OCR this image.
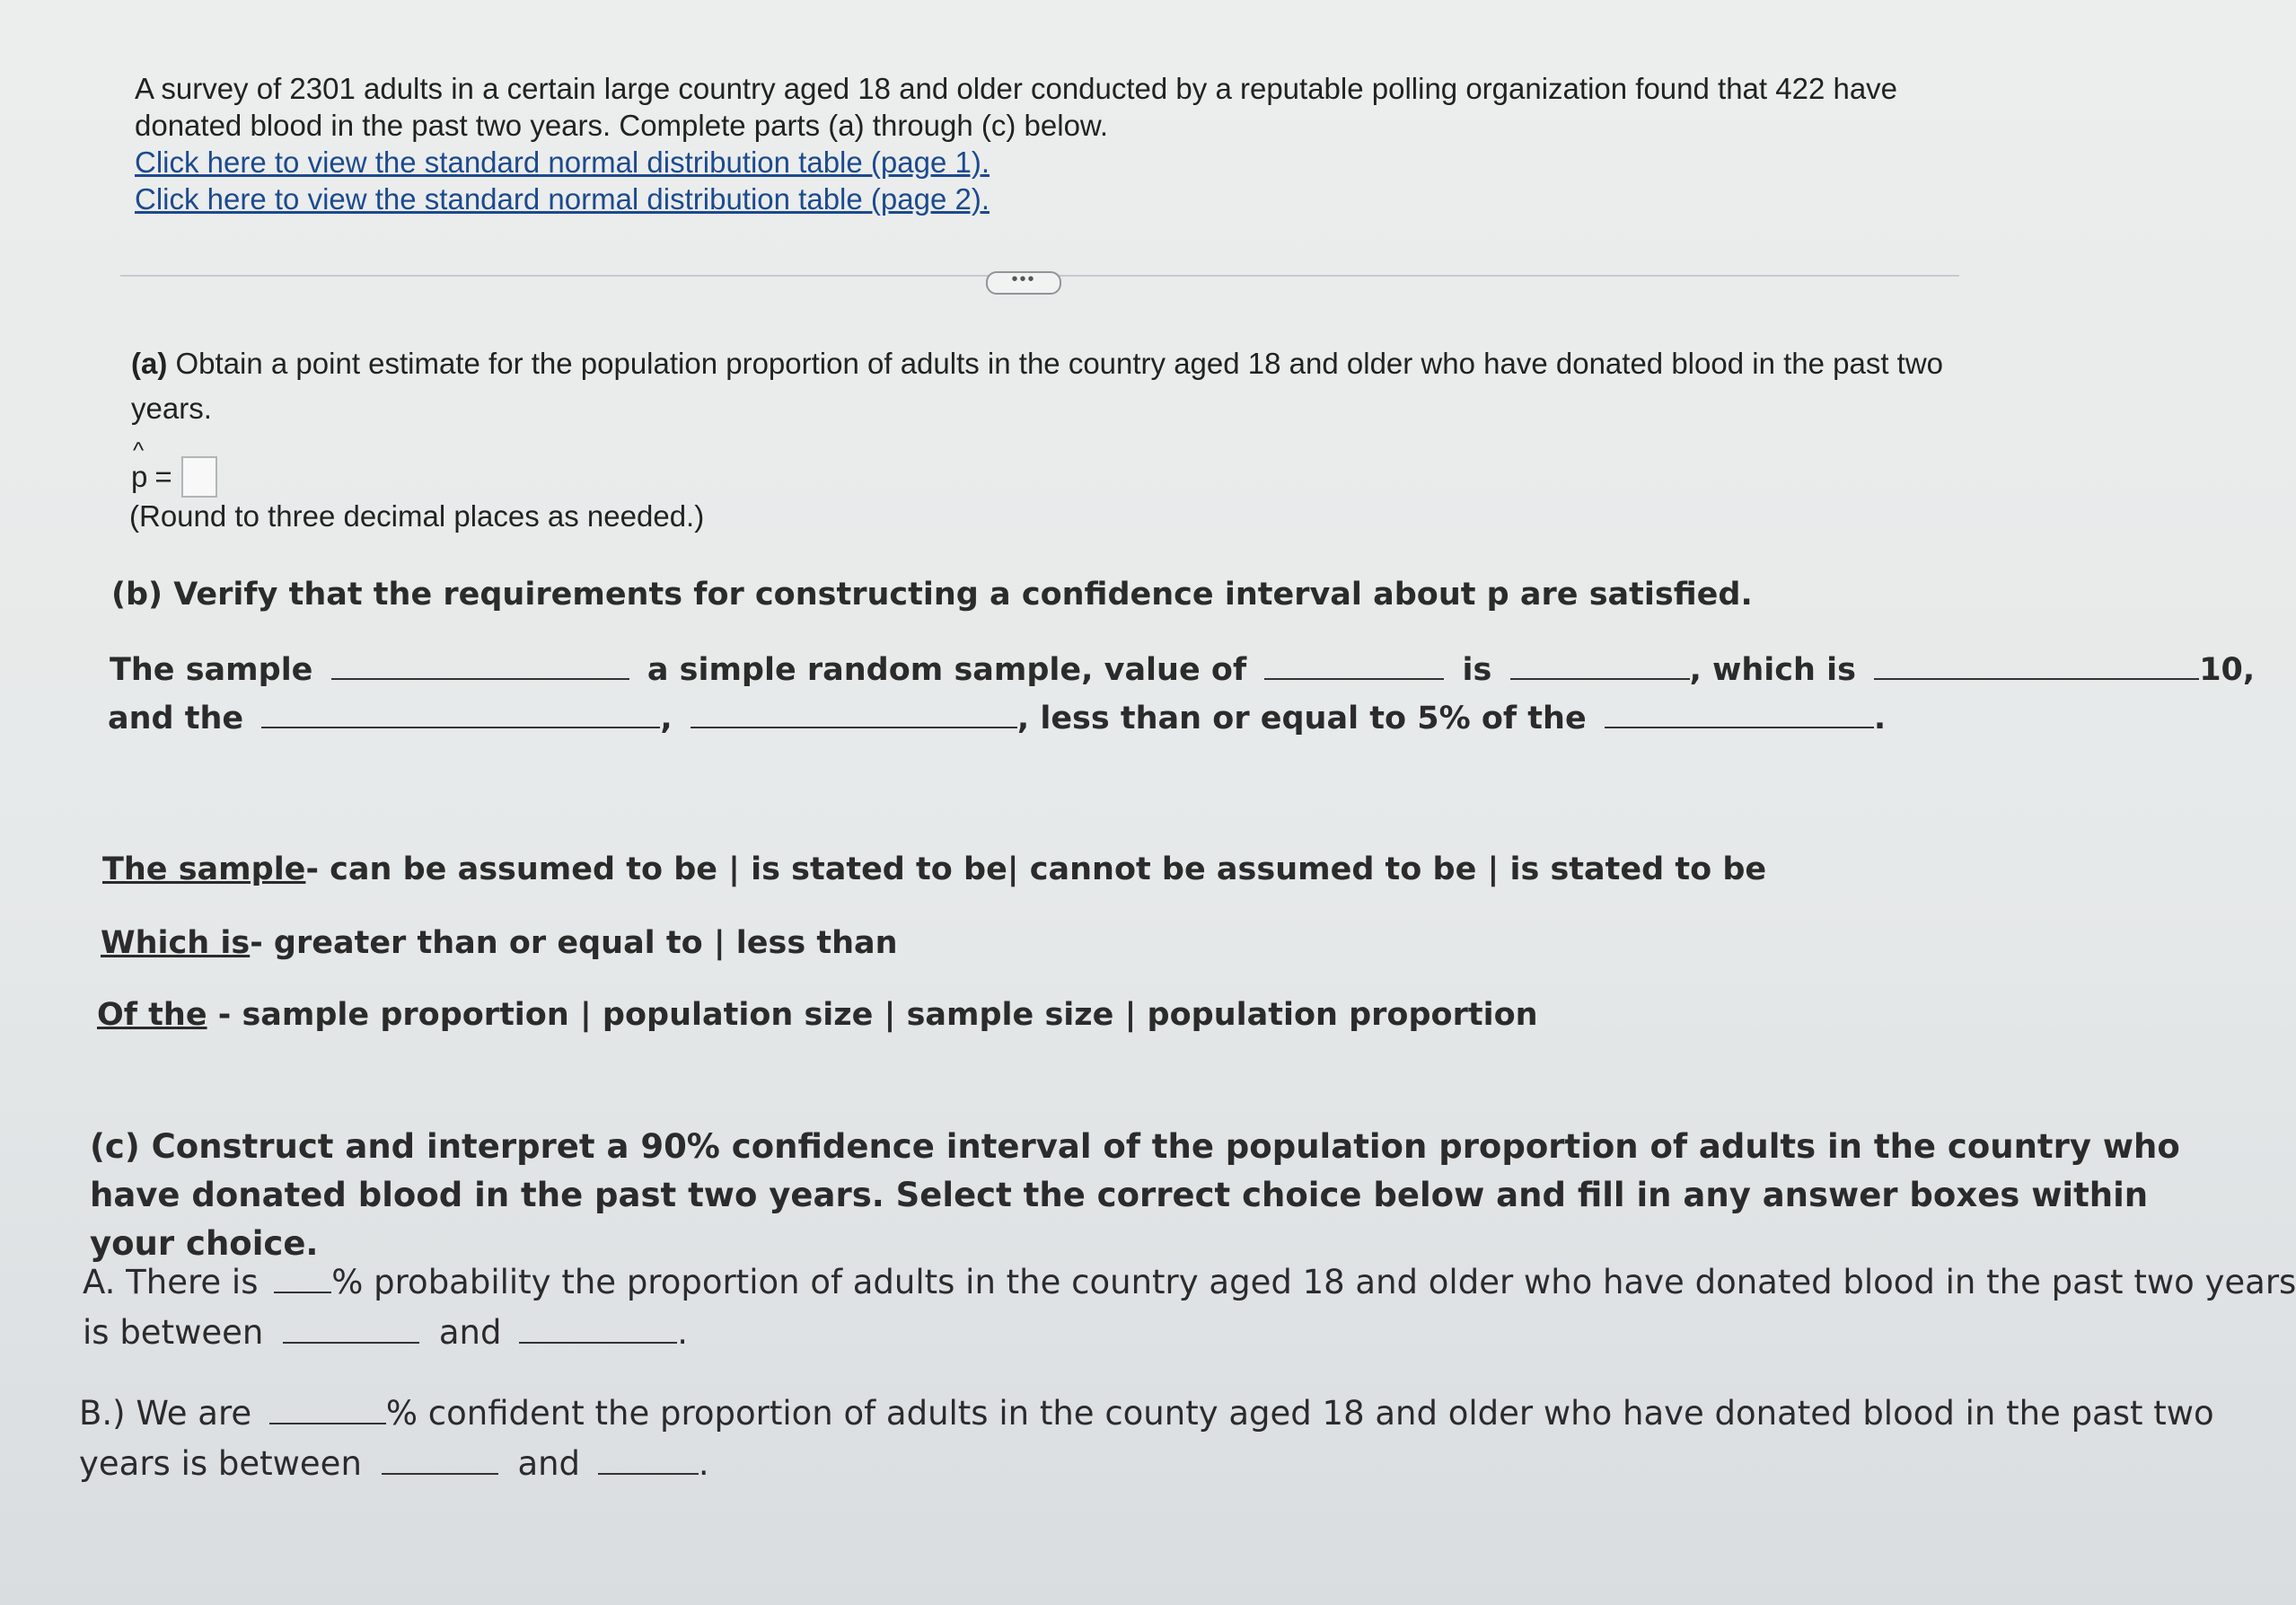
A survey of 2301 adults in a certain large country aged 18 and older conducted by a reputable polling organization found that 422 have donated blood in the past two years. Complete parts (a) through (c) below.
Click here to view the standard normal distribution table (page 1).
Click here to view the standard normal distribution table (page 2).
•••
(a) Obtain a point estimate for the population proportion of adults in the country aged 18 and older who have donated blood in the past two years.
^
p =
(Round to three decimal places as needed.)
(b) Verify that the requirements for constructing a confidence interval about p are satisfied.
The sample	a simple random sample, value of	is	, which is	10,
and the	,	, less than or equal to 5% of the	.
The sample- can be assumed to be | is stated to be| cannot be assumed to be | is stated to be
Which is- greater than or equal to | less than
Of the - sample proportion | population size | sample size | population proportion
(c) Construct and interpret a 90% confidence interval of the population proportion of adults in the country who have donated blood in the past two years. Select the correct choice below and fill in any answer boxes within your choice.
A. There is % probability the proportion of adults in the country aged 18 and older who have donated blood in the past two years
is between	and	.
B.) We are	% confident the proportion of adults in the county aged 18 and older who have donated blood in the past two
years is between	and	.
